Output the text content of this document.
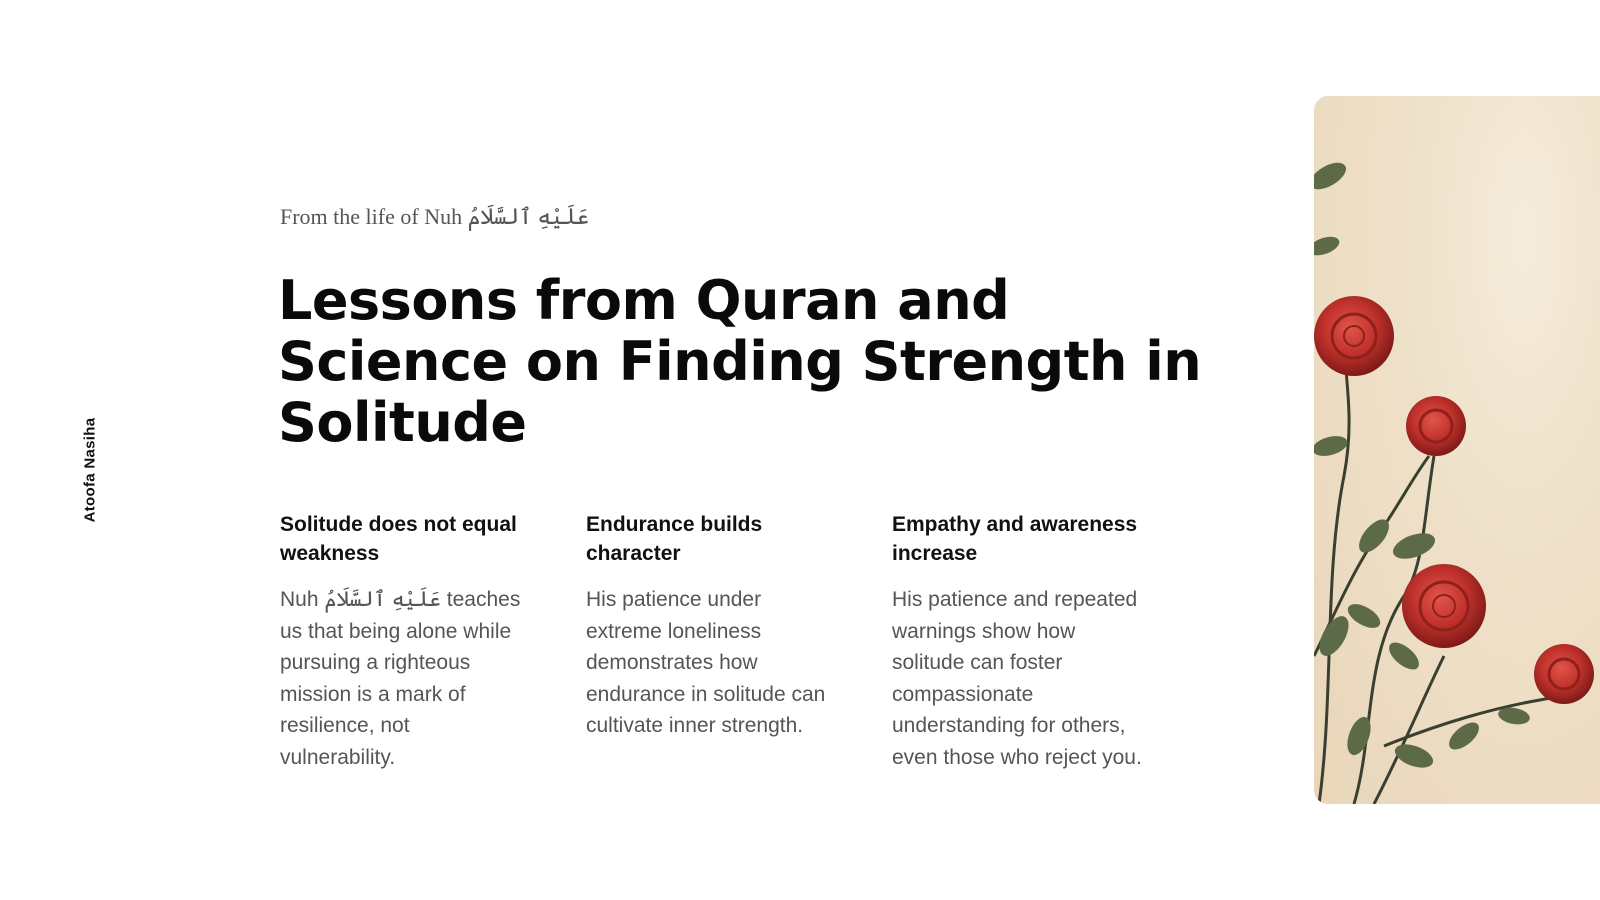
Atoofa Nasiha
From the life of Nuh عَلَيْهِ ٱلسَّلَامُ
Lessons from Quran and Science on Finding Strength in Solitude
Solitude does not equal weakness

Nuh عَلَيْهِ ٱلسَّلَامُ teaches us that being alone while pursuing a righteous mission is a mark of resilience, not vulnerability.

Endurance builds character

His patience under extreme loneliness demonstrates how endurance in solitude can cultivate inner strength.

Empathy and awareness increase

His patience and repeated warnings show how solitude can foster compassionate understanding for others, even those who reject you.
